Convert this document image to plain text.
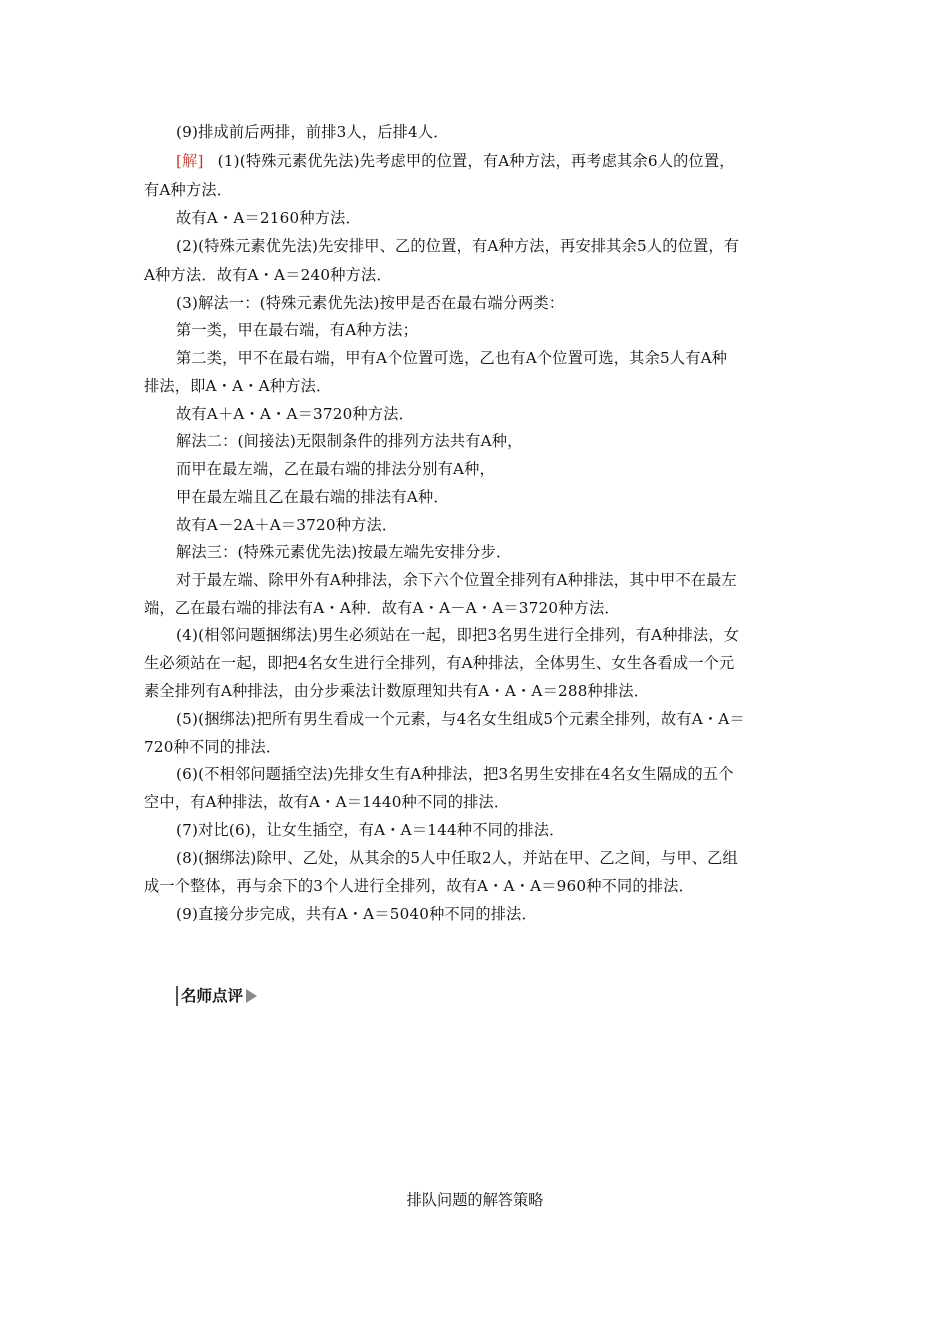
(9)排成前后两排，前排3人，后排4人．
[解] (1)(特殊元素优先法)先考虑甲的位置，有A种方法，再考虑其余6人的位置，
有A种方法．
故有A・A＝2160种方法．
(2)(特殊元素优先法)先安排甲、乙的位置，有A种方法，再安排其余5人的位置，有
A种方法．故有A・A＝240种方法．
(3)解法一：(特殊元素优先法)按甲是否在最右端分两类：
第一类，甲在最右端，有A种方法；
第二类，甲不在最右端，甲有A个位置可选，乙也有A个位置可选，其余5人有A种
排法，即A・A・A种方法．
故有A＋A・A・A＝3720种方法．
解法二：(间接法)无限制条件的排列方法共有A种，
而甲在最左端，乙在最右端的排法分别有A种，
甲在最左端且乙在最右端的排法有A种．
故有A－2A＋A＝3720种方法．
解法三：(特殊元素优先法)按最左端先安排分步．
对于最左端、除甲外有A种排法，余下六个位置全排列有A种排法，其中甲不在最左
端，乙在最右端的排法有A・A种．故有A・A－A・A＝3720种方法．
(4)(相邻问题捆绑法)男生必须站在一起，即把3名男生进行全排列，有A种排法，女
生必须站在一起，即把4名女生进行全排列，有A种排法，全体男生、女生各看成一个元
素全排列有A种排法，由分步乘法计数原理知共有A・A・A＝288种排法．
(5)(捆绑法)把所有男生看成一个元素，与4名女生组成5个元素全排列，故有A・A＝
720种不同的排法．
(6)(不相邻问题插空法)先排女生有A种排法，把3名男生安排在4名女生隔成的五个
空中，有A种排法，故有A・A＝1440种不同的排法．
(7)对比(6)，让女生插空，有A・A＝144种不同的排法．
(8)(捆绑法)除甲、乙处，从其余的5人中任取2人，并站在甲、乙之间，与甲、乙组
成一个整体，再与余下的3个人进行全排列，故有A・A・A＝960种不同的排法．
(9)直接分步完成，共有A・A＝5040种不同的排法．
名师点评
排队问题的解答策略
